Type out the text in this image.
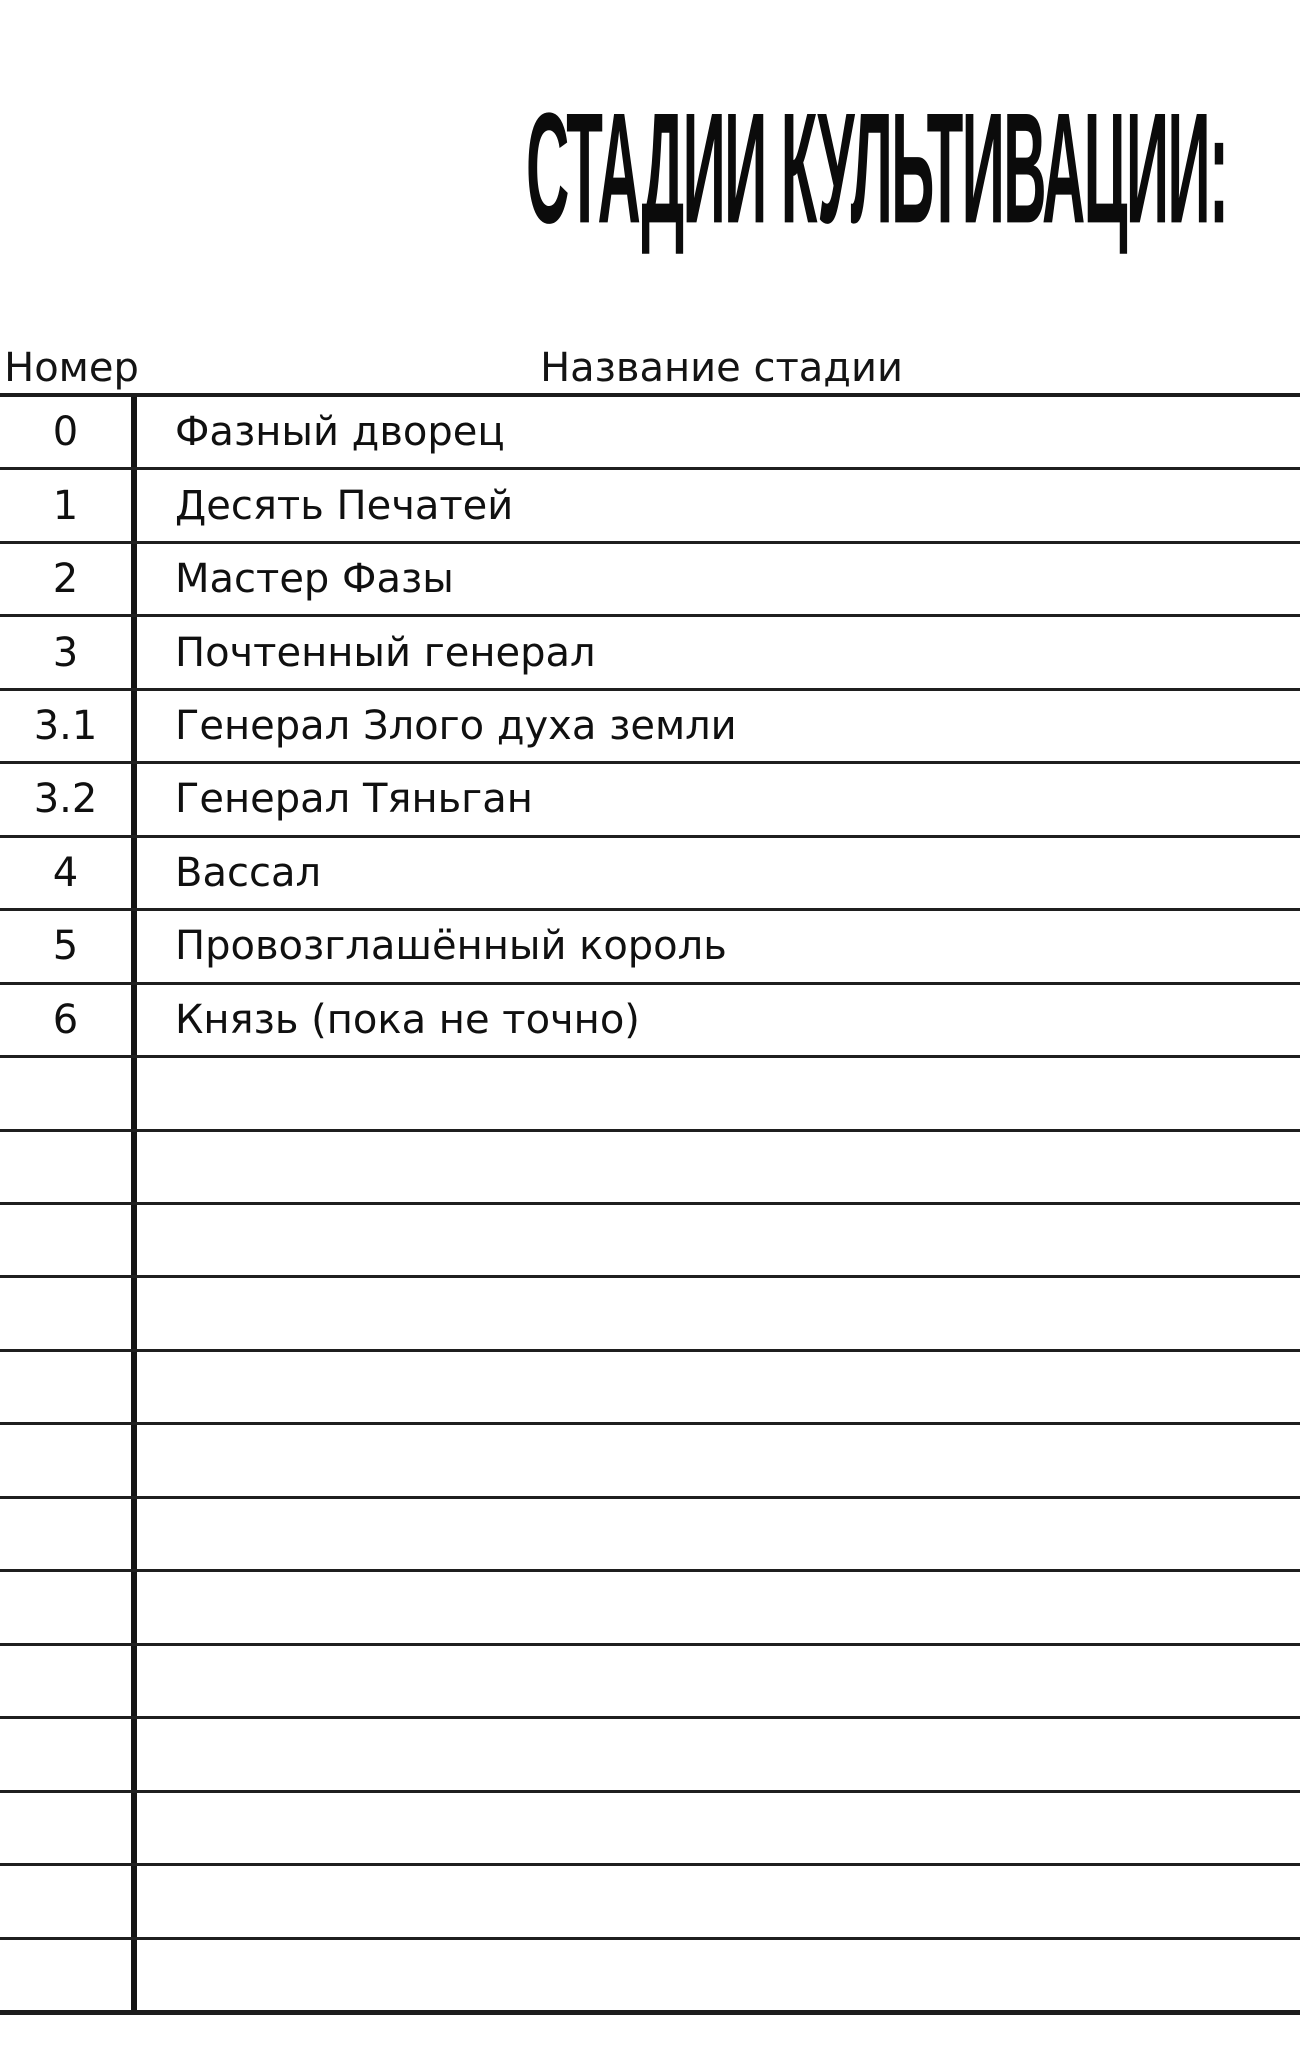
СТАДИИ КУЛЬТИВАЦИИ:
Номер	Название стадии
0	Фазный дворец
1	Десять Печатей
2	Мастер Фазы
3	Почтенный генерал
3.1	Генерал Злого духа земли
3.2	Генерал Тяньган
4	Вассал
5	Провозглашённый король
6	Князь (пока не точно)
